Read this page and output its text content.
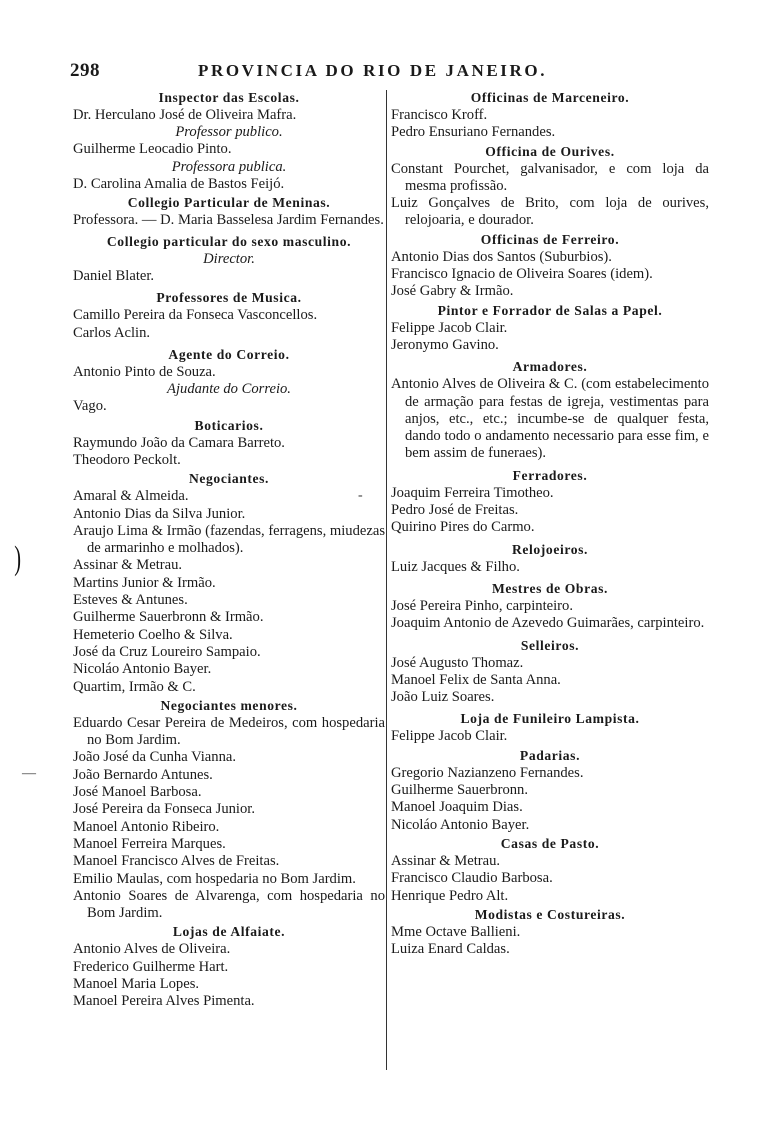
298	PROVINCIA DO RIO DE JANEIRO.
)
—
-
Inspector das Escolas.
Dr. Herculano José de Oliveira Mafra.
Professor publico.
Guilherme Leocadio Pinto.
Professora publica.
D. Carolina Amalia de Bastos Feijó.
Collegio Particular de Meninas.
Professora. — D. Maria Basselesa Jardim Fernandes.
Collegio particular do sexo masculino.
Director.
Daniel Blater.
Professores de Musica.
Camillo Pereira da Fonseca Vasconcellos.
Carlos Aclin.
Agente do Correio.
Antonio Pinto de Souza.
Ajudante do Correio.
Vago.
Boticarios.
Raymundo João da Camara Barreto.
Theodoro Peckolt.
Negociantes.
Amaral & Almeida.
Antonio Dias da Silva Junior.
Araujo Lima & Irmão (fazendas, ferragens, miudezas de armarinho e molhados).
Assinar & Metrau.
Martins Junior & Irmão.
Esteves & Antunes.
Guilherme Sauerbronn & Irmão.
Hemeterio Coelho & Silva.
José da Cruz Loureiro Sampaio.
Nicoláo Antonio Bayer.
Quartim, Irmão & C.
Negociantes menores.
Eduardo Cesar Pereira de Medeiros, com hospedaria no Bom Jardim.
João José da Cunha Vianna.
João Bernardo Antunes.
José Manoel Barbosa.
José Pereira da Fonseca Junior.
Manoel Antonio Ribeiro.
Manoel Ferreira Marques.
Manoel Francisco Alves de Freitas.
Emilio Maulas, com hospedaria no Bom Jardim.
Antonio Soares de Alvarenga, com hospedaria no Bom Jardim.
Lojas de Alfaiate.
Antonio Alves de Oliveira.
Frederico Guilherme Hart.
Manoel Maria Lopes.
Manoel Pereira Alves Pimenta.
Officinas de Marceneiro.
Francisco Kroff.
Pedro Ensuriano Fernandes.
Officina de Ourives.
Constant Pourchet, galvanisador, e com loja da mesma profissão.
Luiz Gonçalves de Brito, com loja de ourives, relojoaria, e dourador.
Officinas de Ferreiro.
Antonio Dias dos Santos (Suburbios).
Francisco Ignacio de Oliveira Soares (idem).
José Gabry & Irmão.
Pintor e Forrador de Salas a Papel.
Felippe Jacob Clair.
Jeronymo Gavino.
Armadores.
Antonio Alves de Oliveira & C. (com estabelecimento de armação para festas de igreja, vestimentas para anjos, etc., etc.; incumbe-se de qualquer festa, dando todo o andamento necessario para esse fim, e bem assim de funeraes).
Ferradores.
Joaquim Ferreira Timotheo.
Pedro José de Freitas.
Quirino Pires do Carmo.
Relojoeiros.
Luiz Jacques & Filho.
Mestres de Obras.
José Pereira Pinho, carpinteiro.
Joaquim Antonio de Azevedo Guimarães, carpinteiro.
Selleiros.
José Augusto Thomaz.
Manoel Felix de Santa Anna.
João Luiz Soares.
Loja de Funileiro Lampista.
Felippe Jacob Clair.
Padarias.
Gregorio Nazianzeno Fernandes.
Guilherme Sauerbronn.
Manoel Joaquim Dias.
Nicoláo Antonio Bayer.
Casas de Pasto.
Assinar & Metrau.
Francisco Claudio Barbosa.
Henrique Pedro Alt.
Modistas e Costureiras.
Mme Octave Ballieni.
Luiza Enard Caldas.
